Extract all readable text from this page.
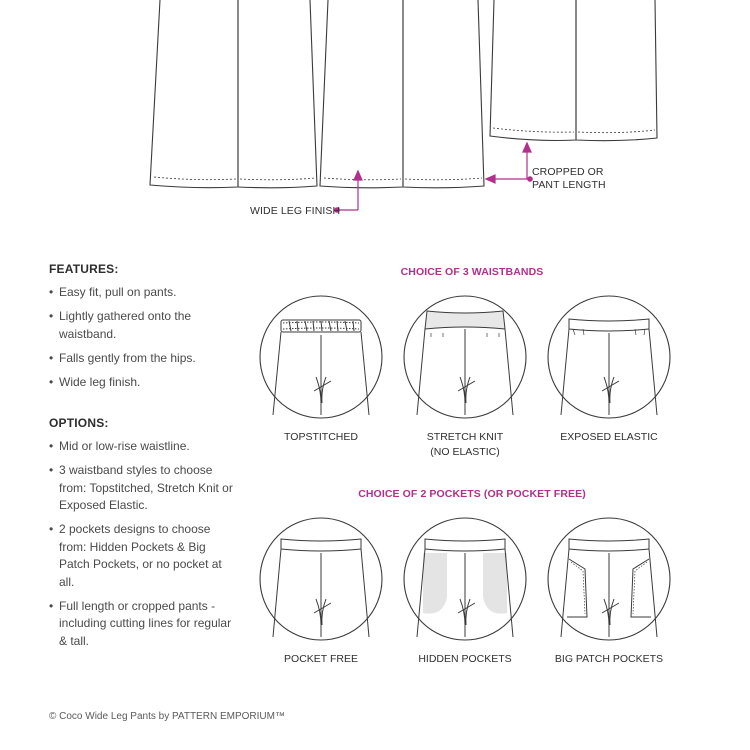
WIDE LEG FINISH
CROPPED OR
PANT LENGTH
FEATURES:
• Easy fit, pull on pants.
• Lightly gathered onto the waistband.
• Falls gently from the hips.
• Wide leg finish.
OPTIONS:
• Mid or low-rise waistline.
• 3 waistband styles to choose from: Topstitched, Stretch Knit or Exposed Elastic.
• 2 pockets designs to choose from: Hidden Pockets & Big Patch Pockets, or no pocket at all.
• Full length or cropped pants - including cutting lines for regular & tall.
CHOICE OF 3 WAISTBANDS
TOPSTITCHED	STRETCH KNIT
(NO ELASTIC)
EXPOSED ELASTIC
CHOICE OF 2 POCKETS (OR POCKET FREE)
POCKET FREE	HIDDEN POCKETS	BIG PATCH POCKETS
© Coco Wide Leg Pants by PATTERN EMPORIUM™
